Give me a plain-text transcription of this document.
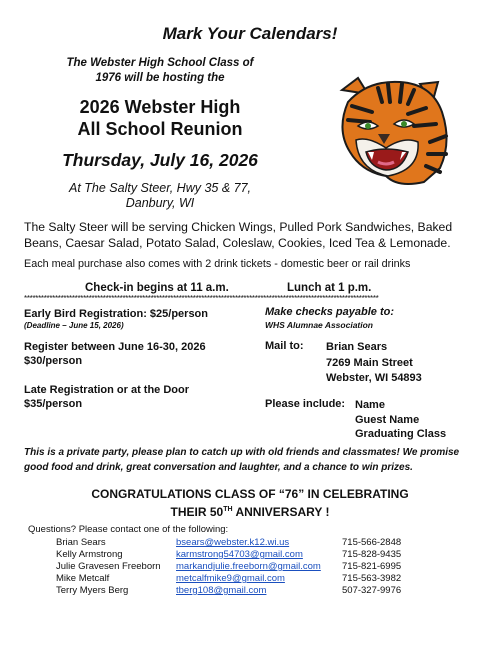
Mark Your Calendars!
The Webster High School Class of
1976 will be hosting the
2026 Webster High
All School Reunion
Thursday, July 16, 2026
At The Salty Steer, Hwy 35 & 77,
Danbury, WI
The Salty Steer will be serving Chicken Wings, Pulled Pork Sandwiches, Baked Beans, Caesar Salad, Potato Salad, Coleslaw, Cookies, Iced Tea & Lemonade.
Each meal purchase also comes with 2 drink tickets - domestic beer or rail drinks
Check-in begins at 11 a.m.	Lunch at 1 p.m.
******************************************************************************************************************************
Early Bird Registration: $25/person
(Deadline – June 15, 2026)
Register between June 16-30, 2026
$30/person
Late Registration or at the Door
$35/person
Make checks payable to:
WHS Alumnae Association
Mail to: Brian Sears
7269 Main Street
Webster, WI 54893
Please include: Name
Guest Name
Graduating Class
This is a private party, please plan to catch up with old friends and classmates! We promise good food and drink, great conversation and laughter, and a chance to win prizes.
CONGRATULATIONS CLASS OF “76” IN CELEBRATING
THEIR 50TH ANNIVERSARY !
Questions? Please contact one of the following:
Brian Sears	bsears@webster.k12.wi.us	715-566-2848
Kelly Armstrong	karmstrong54703@gmail.com	715-828-9435
Julie Gravesen Freeborn markandjulie.freeborn@gmail.com 715-821-6995
Mike Metcalf	metcalfmike9@gmail.com	715-563-3982
Terry Myers Berg	tberg108@gmail.com	507-327-9976
